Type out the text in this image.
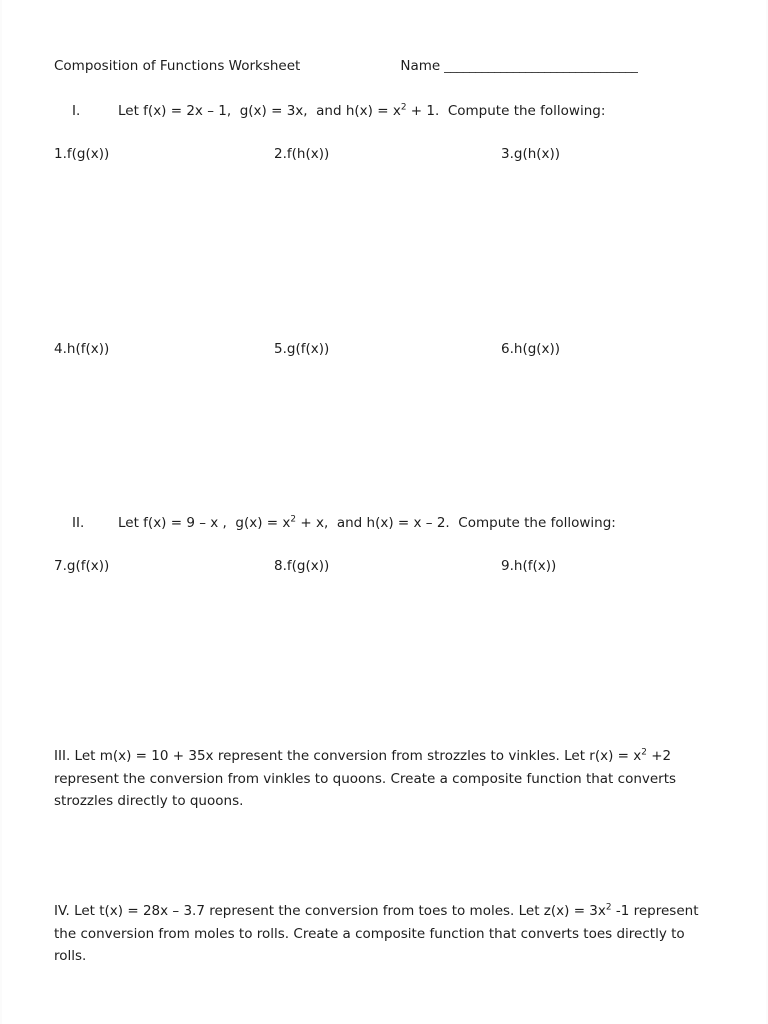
Composition of Functions Worksheet	Name _______________________________
I.	Let f(x) = 2x – 1,  g(x) = 3x,  and $h(x) = x^2 + 1$.  Compute the following:
1.f(g(x))	2.f(h(x))	3.g(h(x))
4.h(f(x))	5.g(f(x))	6.h(g(x))
II.	Let f(x) = 9 – x ,  $g(x) = x^2 + x$,  and h(x) = x – 2.  Compute the following:
7.g(f(x))	8.f(g(x))	9.h(f(x))
III. Let m(x) = 10 + 35x represent the conversion from strozzles to vinkles. Let $r(x) = x^2 +2$ represent the conversion from vinkles to quoons. Create a composite function that converts strozzles directly to quoons.
IV. Let t(x) = 28x – 3.7 represent the conversion from toes to moles. Let $z(x) = 3x^2$ -1 represent the conversion from moles to rolls. Create a composite function that converts toes directly to rolls.
